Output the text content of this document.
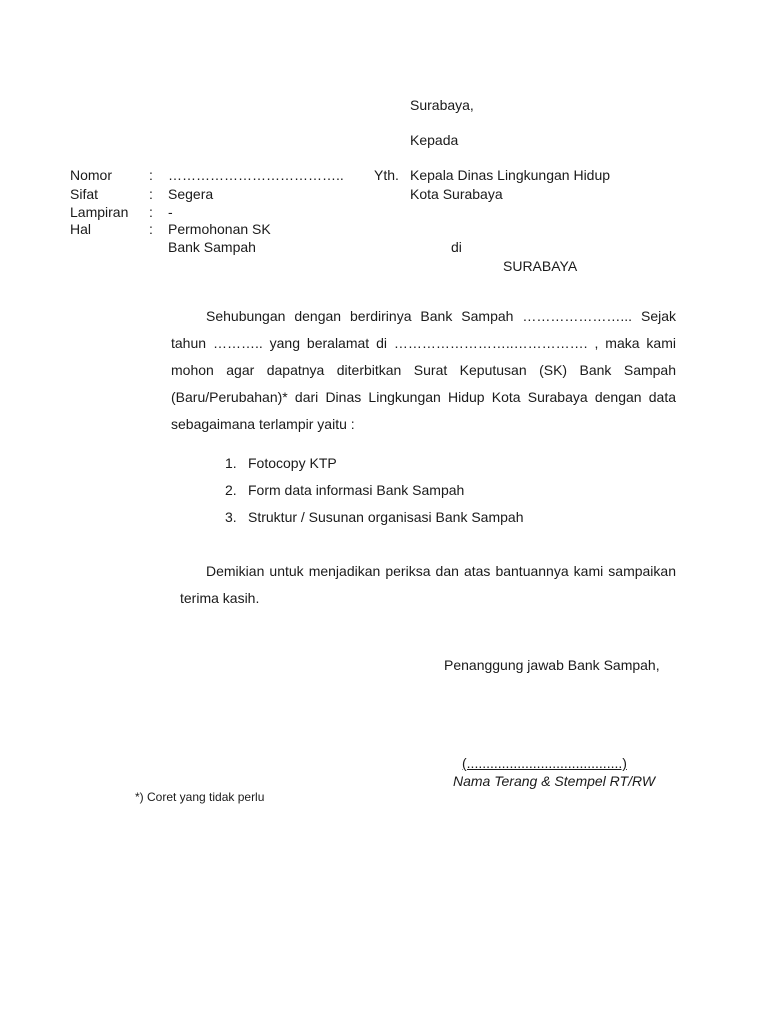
Surabaya,
Kepada
Yth. Kepala Dinas Lingkungan Hidup
Kota Surabaya
di
SURABAYA
Nomor	: ………………………………..
Sifat	: Segera
Lampiran : -
Hal	: Permohonan SK
Bank Sampah

Sehubungan dengan berdirinya Bank Sampah …………………... Sejak tahun ……….. yang beralamat di ……………………..……………. , maka kami mohon agar dapatnya diterbitkan Surat Keputusan (SK) Bank Sampah (Baru/Perubahan)* dari Dinas Lingkungan Hidup Kota Surabaya dengan data sebagaimana terlampir yaitu :

1. Fotocopy KTP
2. Form data informasi Bank Sampah
3. Struktur / Susunan organisasi Bank Sampah

Demikian untuk menjadikan periksa dan atas bantuannya kami sampaikan terima kasih.

Penanggung jawab Bank Sampah,
(........................................)
Nama Terang & Stempel RT/RW
*) Coret yang tidak perlu
